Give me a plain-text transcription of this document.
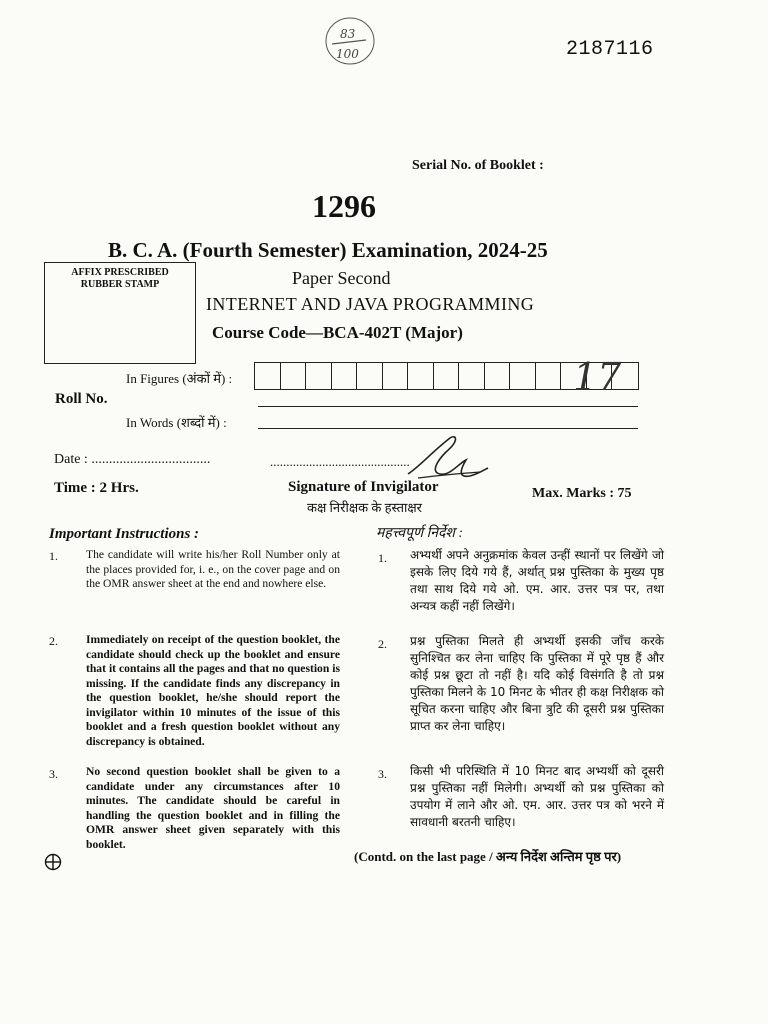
83
100	2187116
Serial No. of Booklet :
1296
B. C. A. (Fourth Semester) Examination, 2024-25
AFFIX PRESCRIBED
RUBBER STAMP	Paper Second
INTERNET AND JAVA PROGRAMMING
Course Code—BCA-402T (Major)
In Figures (अंकों में) :	17
Roll No.
In Words (शब्दों में) :
Date : ..................................	...........................................
Time : 2 Hrs.	Signature of Invigilator
कक्ष निरीक्षक के हस्ताक्षर
Max. Marks : 75
Important Instructions :	महत्त्वपूर्ण निर्देश :
1. The candidate will write his/her Roll Number only at the places provided for, i. e., on the cover page and on the OMR answer sheet at the end and nowhere else.
2. Immediately on receipt of the question booklet, the candidate should check up the booklet and ensure that it contains all the pages and that no question is missing. If the candidate finds any discrepancy in the question booklet, he/she should report the invigilator within 10 minutes of the issue of this booklet and a fresh question booklet without any discrepancy is obtained.
3. No second question booklet shall be given to a candidate under any circumstances after 10 minutes. The candidate should be careful in handling the question booklet and in filling the OMR answer sheet given separately with this booklet.
1. अभ्यर्थी अपने अनुक्रमांक केवल उन्हीं स्थानों पर लिखेंगे जो इसके लिए दिये गये हैं, अर्थात् प्रश्न पुस्तिका के मुख्य पृष्ठ तथा साथ दिये गये ओ. एम. आर. उत्तर पत्र पर, तथा अन्यत्र कहीं नहीं लिखेंगे।
2. प्रश्न पुस्तिका मिलते ही अभ्यर्थी इसकी जाँच करके सुनिश्चित कर लेना चाहिए कि पुस्तिका में पूरे पृष्ठ हैं और कोई प्रश्न छूटा तो नहीं है। यदि कोई विसंगति है तो प्रश्न पुस्तिका मिलने के 10 मिनट के भीतर ही कक्ष निरीक्षक को सूचित करना चाहिए और बिना त्रुटि की दूसरी प्रश्न पुस्तिका प्राप्त कर लेना चाहिए।
3. किसी भी परिस्थिति में 10 मिनट बाद अभ्यर्थी को दूसरी प्रश्न पुस्तिका नहीं मिलेगी। अभ्यर्थी को प्रश्न पुस्तिका को उपयोग में लाने और ओ. एम. आर. उत्तर पत्र को भरने में सावधानी बरतनी चाहिए।
(Contd. on the last page / अन्य निर्देश अन्तिम पृष्ठ पर)
